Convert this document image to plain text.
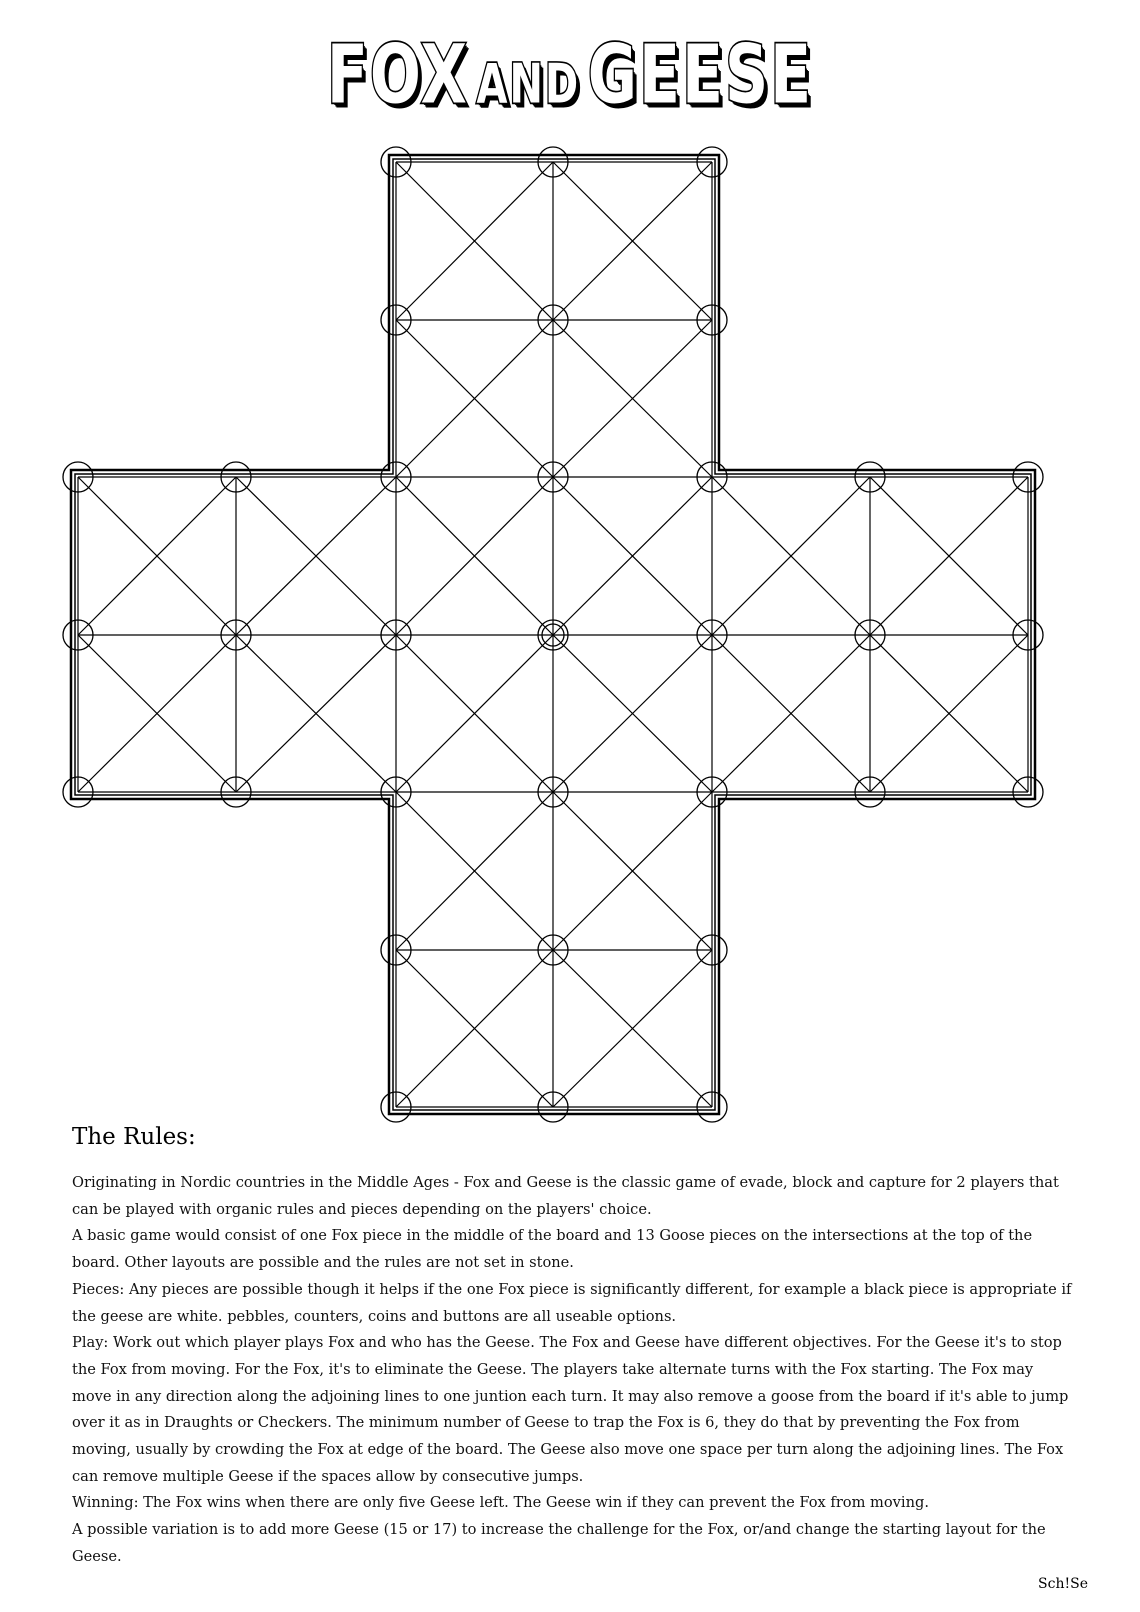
FOX AND GEESE
The Rules:

Originating in Nordic countries in the Middle Ages - Fox and Geese is the classic game of evade, block and capture for 2 players that can be played with organic rules and pieces depending on the players' choice.

A basic game would consist of one Fox piece in the middle of the board and 13 Goose pieces on the intersections at the top of the board. Other layouts are possible and the rules are not set in stone.

Pieces: Any pieces are possible though it helps if the one Fox piece is significantly different, for example a black piece is appropriate if the geese are white. pebbles, counters, coins and buttons are all useable options.

Play: Work out which player plays Fox and who has the Geese. The Fox and Geese have different objectives. For the Geese it's to stop the Fox from moving. For the Fox, it's to eliminate the Geese. The players take alternate turns with the Fox starting. The Fox may move in any direction along the adjoining lines to one juntion each turn. It may also remove a goose from the board if it's able to jump over it as in Draughts or Checkers. The minimum number of Geese to trap the Fox is 6, they do that by preventing the Fox from moving, usually by crowding the Fox at edge of the board. The Geese also move one space per turn along the adjoining lines. The Fox can remove multiple Geese if the spaces allow by consecutive jumps.

Winning: The Fox wins when there are only five Geese left. The Geese win if they can prevent the Fox from moving.

A possible variation is to add more Geese (15 or 17) to increase the challenge for the Fox, or/and change the starting layout for the Geese.

Sch!Se
